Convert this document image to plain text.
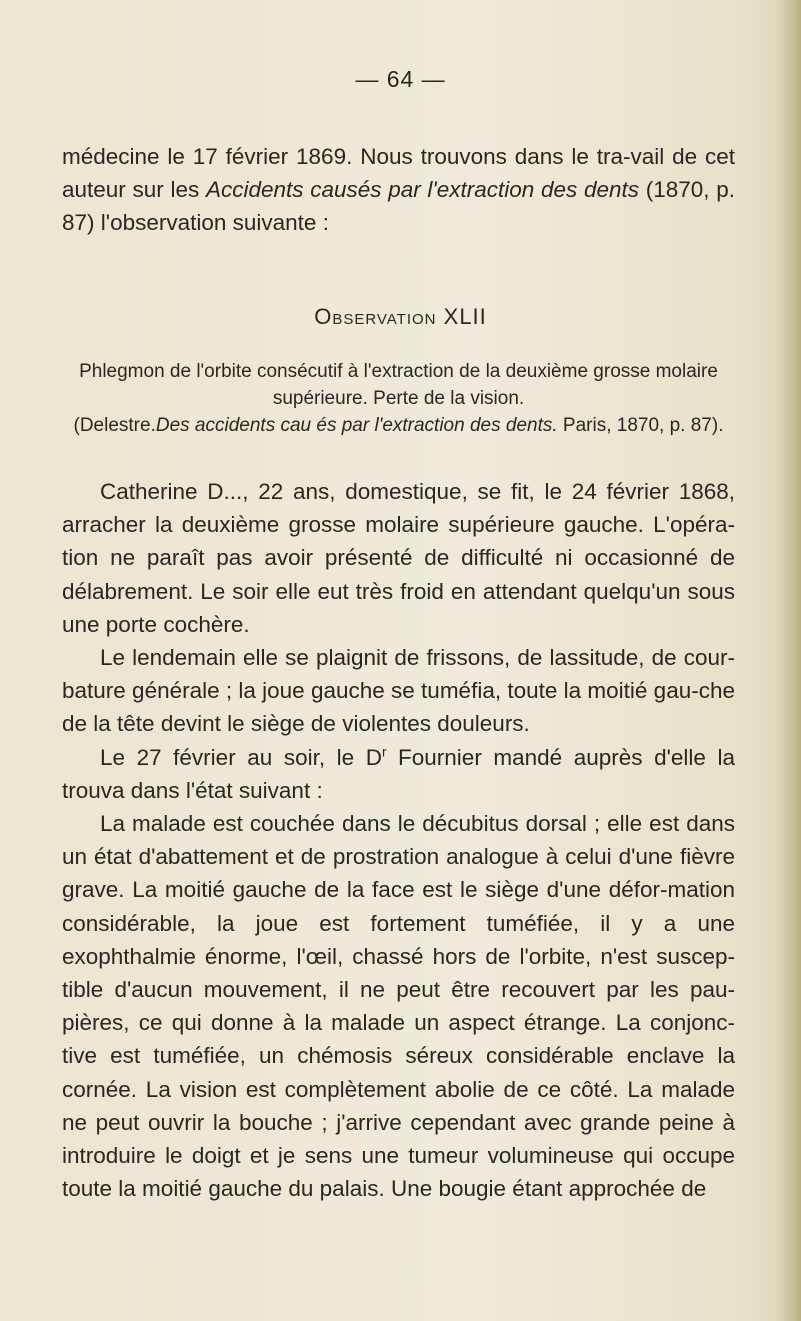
— 64 —

médecine le 17 février 1869. Nous trouvons dans le tra-vail de cet auteur sur les Accidents causés par l'extraction des dents (1870, p. 87) l'observation suivante :

Observation XLII
Phlegmon de l'orbite consécutif à l'extraction de la deuxième grosse molaire supérieure. Perte de la vision.
(Delestre.Des accidents cau és par l'extraction des dents. Paris, 1870, p. 87).

Catherine D..., 22 ans, domestique, se fit, le 24 février 1868, arracher la deuxième grosse molaire supérieure gauche. L'opéra-tion ne paraît pas avoir présenté de difficulté ni occasionné de délabrement. Le soir elle eut très froid en attendant quelqu'un sous une porte cochère.

Le lendemain elle se plaignit de frissons, de lassitude, de cour-bature générale ; la joue gauche se tuméfia, toute la moitié gau-che de la tête devint le siège de violentes douleurs.

Le 27 février au soir, le $D^r$ Fournier mandé auprès d'elle la trouva dans l'état suivant :

La malade est couchée dans le décubitus dorsal ; elle est dans un état d'abattement et de prostration analogue à celui d'une fièvre grave. La moitié gauche de la face est le siège d'une défor-mation considérable, la joue est fortement tuméfiée, il y a une exophthalmie énorme, l'œil, chassé hors de l'orbite, n'est suscep-tible d'aucun mouvement, il ne peut être recouvert par les pau-pières, ce qui donne à la malade un aspect étrange. La conjonc-tive est tuméfiée, un chémosis séreux considérable enclave la cornée. La vision est complètement abolie de ce côté. La malade ne peut ouvrir la bouche ; j'arrive cependant avec grande peine à introduire le doigt et je sens une tumeur volumineuse qui occupe toute la moitié gauche du palais. Une bougie étant approchée de
